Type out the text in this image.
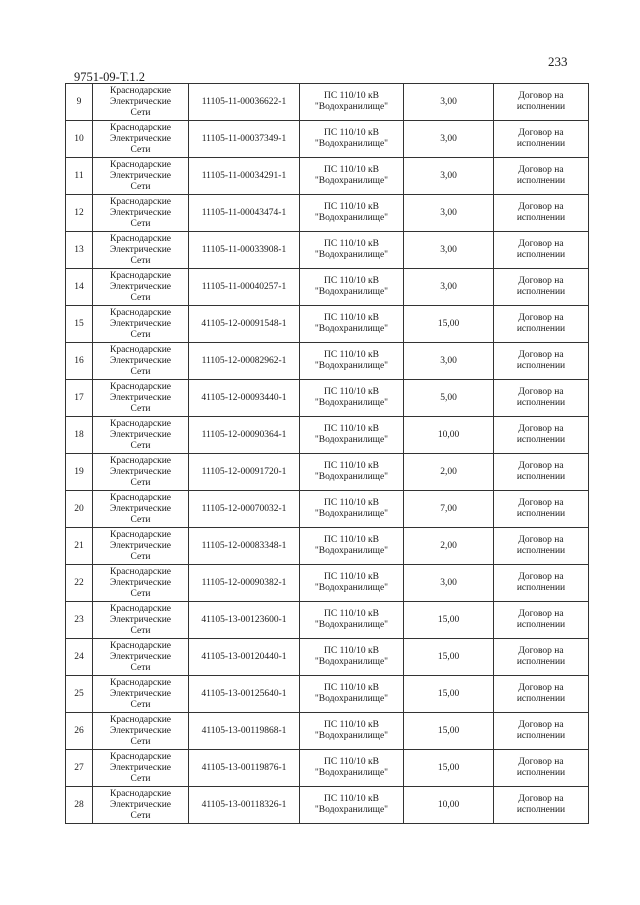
233
9751-09-Т.1.2
9	Краснодарские
Электрические
Сети	11105-11-00036622-1	ПС 110/10 кВ
"Водохранилище"	3,00	Договор на
исполнении

10	Краснодарские
Электрические
Сети	11105-11-00037349-1	ПС 110/10 кВ
"Водохранилище"	3,00	Договор на
исполнении

11	Краснодарские
Электрические
Сети	11105-11-00034291-1	ПС 110/10 кВ
"Водохранилище"	3,00	Договор на
исполнении

12	Краснодарские
Электрические
Сети	11105-11-00043474-1	ПС 110/10 кВ
"Водохранилище"	3,00	Договор на
исполнении

13	Краснодарские
Электрические
Сети	11105-11-00033908-1	ПС 110/10 кВ
"Водохранилище"	3,00	Договор на
исполнении

14	Краснодарские
Электрические
Сети	11105-11-00040257-1	ПС 110/10 кВ
"Водохранилище"	3,00	Договор на
исполнении

15	Краснодарские
Электрические
Сети	41105-12-00091548-1	ПС 110/10 кВ
"Водохранилище"	15,00	Договор на
исполнении

16	Краснодарские
Электрические
Сети	11105-12-00082962-1	ПС 110/10 кВ
"Водохранилище"	3,00	Договор на
исполнении

17	Краснодарские
Электрические
Сети	41105-12-00093440-1	ПС 110/10 кВ
"Водохранилище"	5,00	Договор на
исполнении

18	Краснодарские
Электрические
Сети	11105-12-00090364-1	ПС 110/10 кВ
"Водохранилище"	10,00	Договор на
исполнении

19	Краснодарские
Электрические
Сети	11105-12-00091720-1	ПС 110/10 кВ
"Водохранилище"	2,00	Договор на
исполнении

20	Краснодарские
Электрические
Сети	11105-12-00070032-1	ПС 110/10 кВ
"Водохранилище"	7,00	Договор на
исполнении

21	Краснодарские
Электрические
Сети	11105-12-00083348-1	ПС 110/10 кВ
"Водохранилище"	2,00	Договор на
исполнении

22	Краснодарские
Электрические
Сети	11105-12-00090382-1	ПС 110/10 кВ
"Водохранилище"	3,00	Договор на
исполнении

23	Краснодарские
Электрические
Сети	41105-13-00123600-1	ПС 110/10 кВ
"Водохранилище"	15,00	Договор на
исполнении

24	Краснодарские
Электрические
Сети	41105-13-00120440-1	ПС 110/10 кВ
"Водохранилище"	15,00	Договор на
исполнении

25	Краснодарские
Электрические
Сети	41105-13-00125640-1	ПС 110/10 кВ
"Водохранилище"	15,00	Договор на
исполнении

26	Краснодарские
Электрические
Сети	41105-13-00119868-1	ПС 110/10 кВ
"Водохранилище"	15,00	Договор на
исполнении

27	Краснодарские
Электрические
Сети	41105-13-00119876-1	ПС 110/10 кВ
"Водохранилище"	15,00	Договор на
исполнении

28	Краснодарские
Электрические
Сети	41105-13-00118326-1	ПС 110/10 кВ
"Водохранилище"	10,00	Договор на
исполнении
